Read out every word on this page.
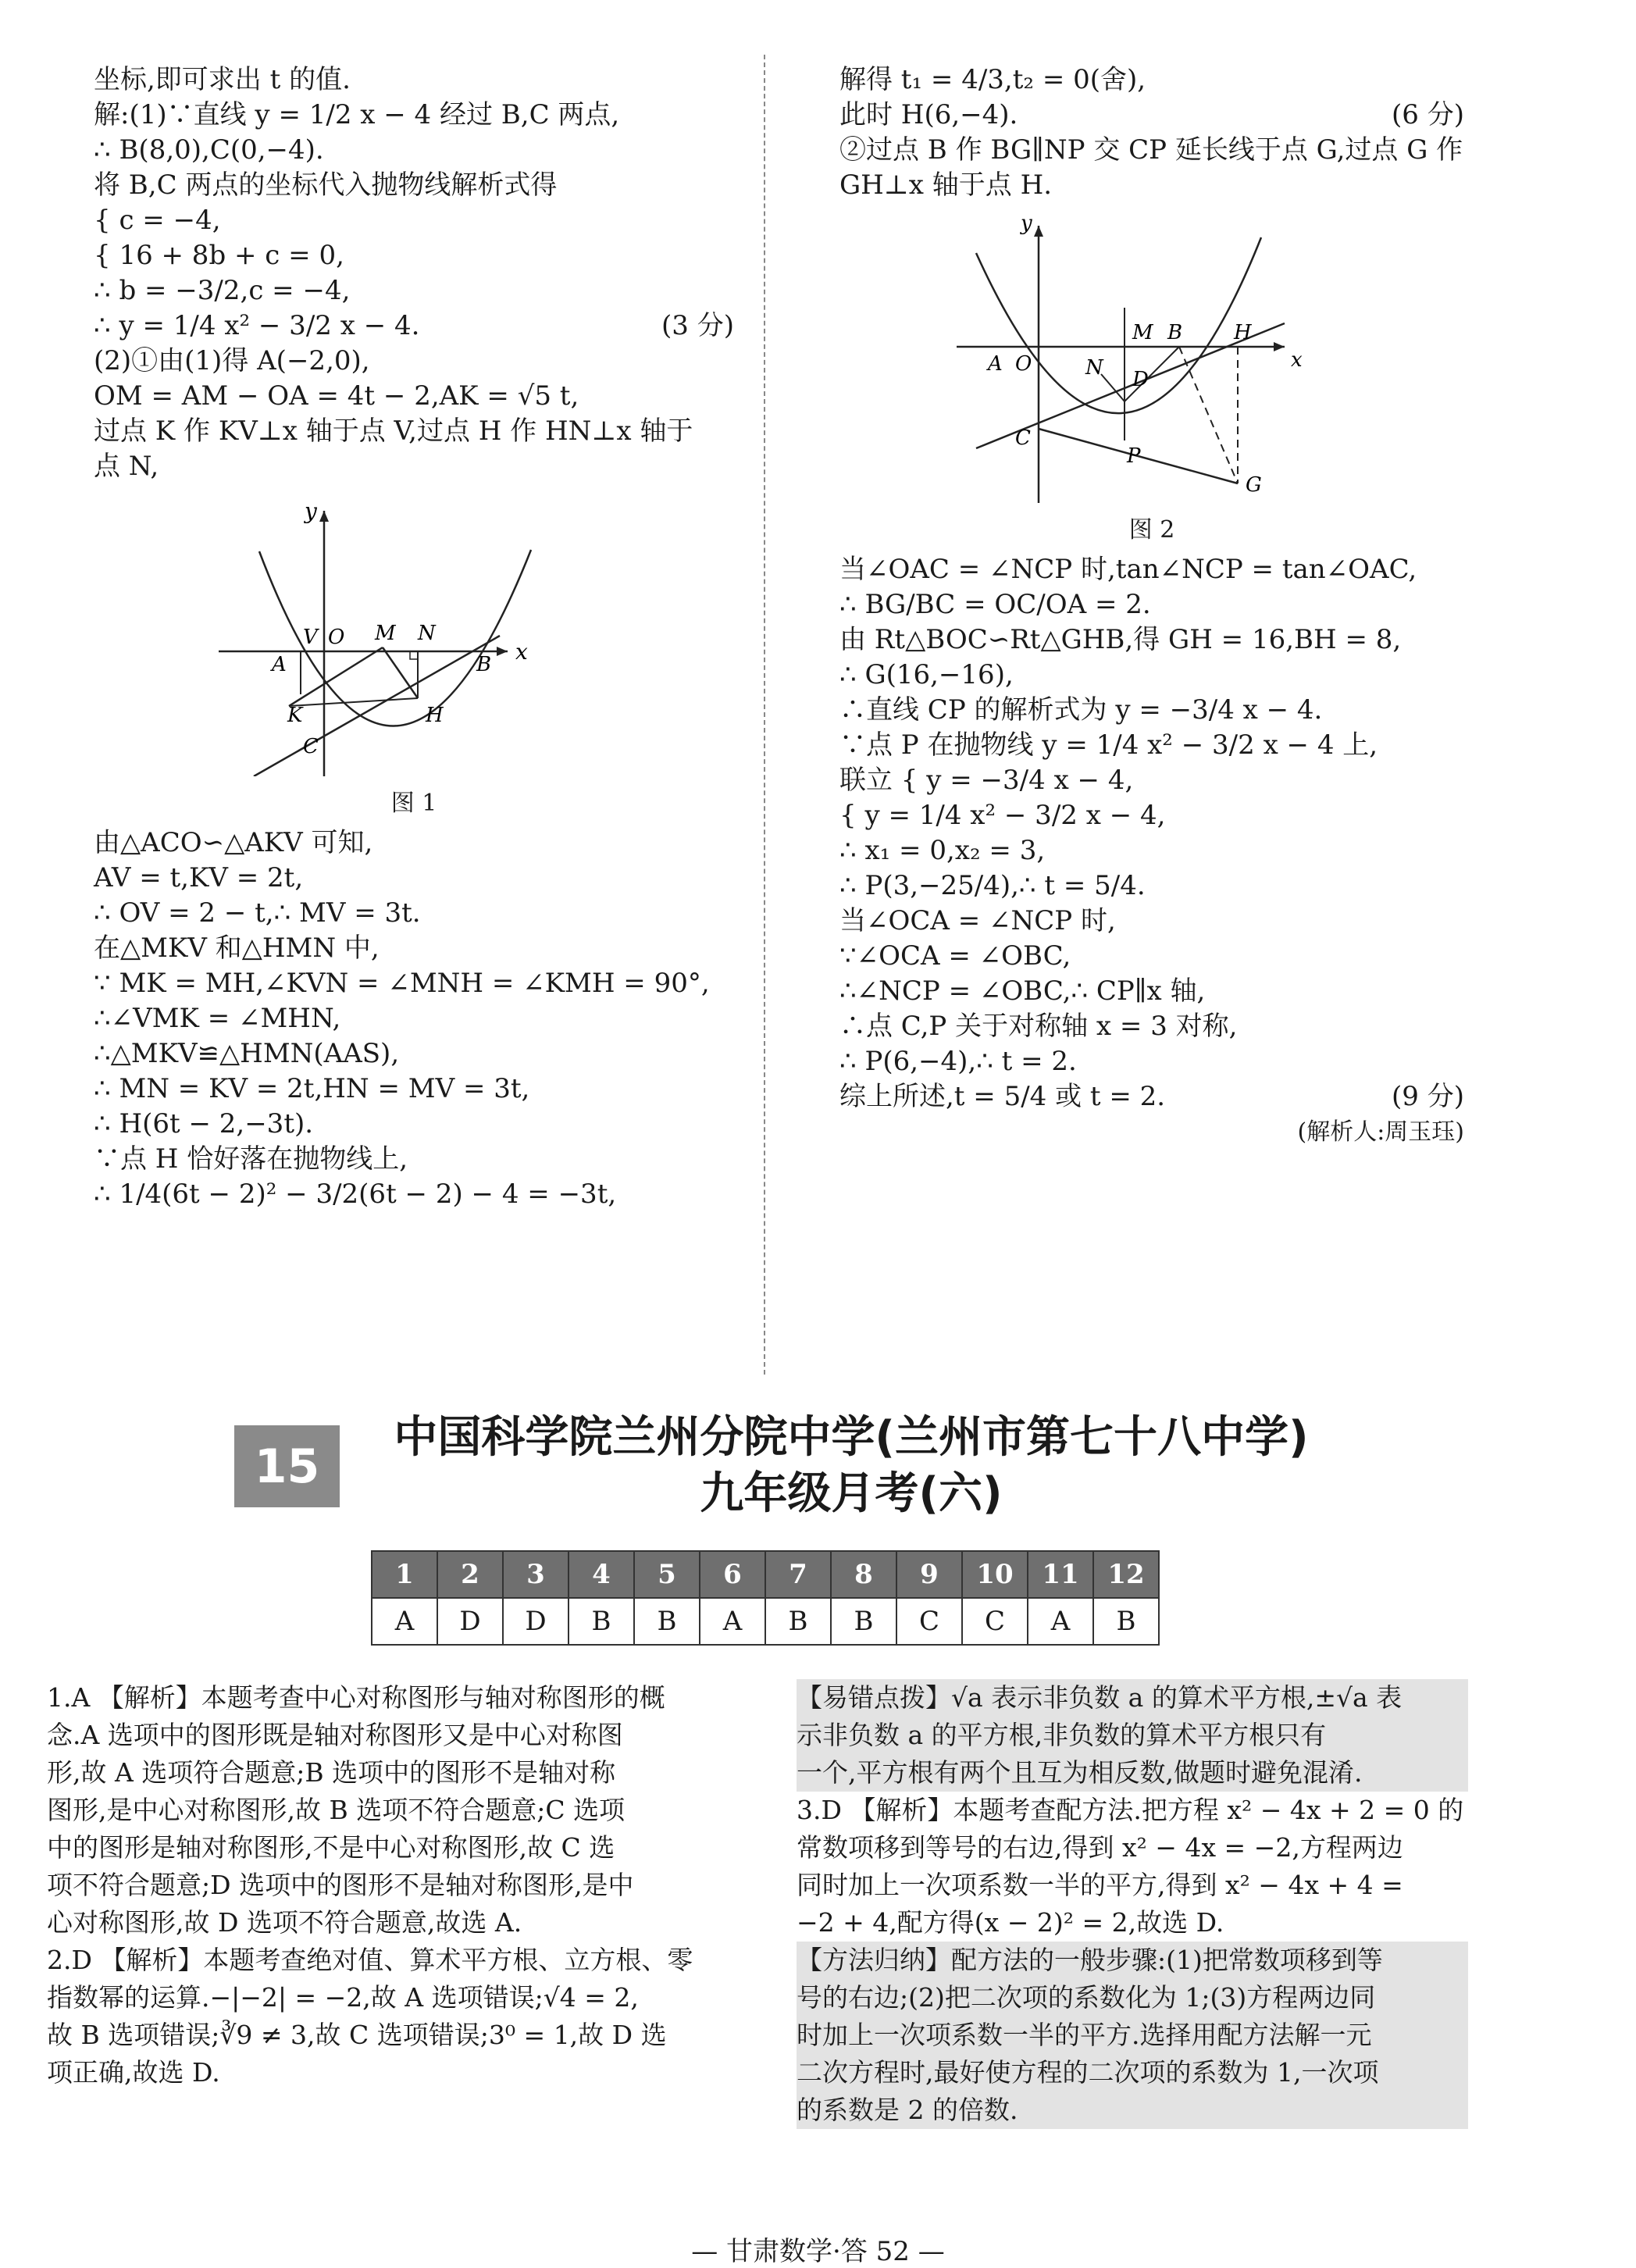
坐标,即可求出 t 的值.

解:(1)∵直线 y = 1/2 x − 4 经过 B,C 两点,

∴ B(8,0),C(0,−4).

将 B,C 两点的坐标代入抛物线解析式得

{ c = −4,

{ 16 + 8b + c = 0,

∴ b = −3/2,c = −4,

∴ y = 1/4 x² − 3/2 x − 4.	(3 分)

(2)①由(1)得 A(−2,0),

OM = AM − OA = 4t − 2,AK = √5 t,

过点 K 作 KV⊥x 轴于点 V,过点 H 作 HN⊥x 轴于

点 N,

y
x
V O M N
A	B
K
C
H
图 1

由△ACO∽△AKV 可知,

AV = t,KV = 2t,

∴ OV = 2 − t,∴ MV = 3t.

在△MKV 和△HMN 中,

∵ MK = MH,∠KVN = ∠MNH = ∠KMH = 90°,

∴∠VMK = ∠MHN,

∴△MKV≌△HMN(AAS),

∴ MN = KV = 2t,HN = MV = 3t,

∴ H(6t − 2,−3t).

∵点 H 恰好落在抛物线上,

∴ 1/4(6t − 2)² − 3/2(6t − 2) − 4 = −3t,

解得 t₁ = 4/3,t₂ = 0(舍),

此时 H(6,−4).	(6 分)

②过点 B 作 BG∥NP 交 CP 延长线于点 G,过点 G 作

GH⊥x 轴于点 H.

y
x
A O
M B	H
N D
C
P
G
图 2

当∠OAC = ∠NCP 时,tan∠NCP = tan∠OAC,

∴ BG/BC = OC/OA = 2.

由 Rt△BOC∽Rt△GHB,得 GH = 16,BH = 8,

∴ G(16,−16),

∴直线 CP 的解析式为 y = −3/4 x − 4.

∵点 P 在抛物线 y = 1/4 x² − 3/2 x − 4 上,

联立 { y = −3/4 x − 4,

{ y = 1/4 x² − 3/2 x − 4,

∴ x₁ = 0,x₂ = 3,

∴ P(3,−25/4),∴ t = 5/4.

当∠OCA = ∠NCP 时,

∵∠OCA = ∠OBC,

∴∠NCP = ∠OBC,∴ CP∥x 轴,

∴点 C,P 关于对称轴 x = 3 对称,

∴ P(6,−4),∴ t = 2.

综上所述,t = 5/4 或 t = 2.	(9 分)

(解析人:周玉珏)

15
中国科学院兰州分院中学(兰州市第七十八中学)
九年级月考(六)
1	2	3	4	5	6	7	8	9	10	11	12
A	D	D	B	B	A	B	B	C	C	A	B

1.A 【解析】本题考查中心对称图形与轴对称图形的概

念.A 选项中的图形既是轴对称图形又是中心对称图

形,故 A 选项符合题意;B 选项中的图形不是轴对称

图形,是中心对称图形,故 B 选项不符合题意;C 选项

中的图形是轴对称图形,不是中心对称图形,故 C 选

项不符合题意;D 选项中的图形不是轴对称图形,是中

心对称图形,故 D 选项不符合题意,故选 A.

2.D 【解析】本题考查绝对值、算术平方根、立方根、零

指数幂的运算.−|−2| = −2,故 A 选项错误;√4 = 2,

故 B 选项错误;∛9 ≠ 3,故 C 选项错误;3⁰ = 1,故 D 选

项正确,故选 D.

【易错点拨】√a 表示非负数 a 的算术平方根,±√a 表

示非负数 a 的平方根,非负数的算术平方根只有

一个,平方根有两个且互为相反数,做题时避免混淆.

3.D 【解析】本题考查配方法.把方程 x² − 4x + 2 = 0 的

常数项移到等号的右边,得到 x² − 4x = −2,方程两边

同时加上一次项系数一半的平方,得到 x² − 4x + 4 =

−2 + 4,配方得(x − 2)² = 2,故选 D.

【方法归纳】配方法的一般步骤:(1)把常数项移到等

号的右边;(2)把二次项的系数化为 1;(3)方程两边同

时加上一次项系数一半的平方.选择用配方法解一元

二次方程时,最好使方程的二次项的系数为 1,一次项

的系数是 2 的倍数.

— 甘肃数学·答 52 —
